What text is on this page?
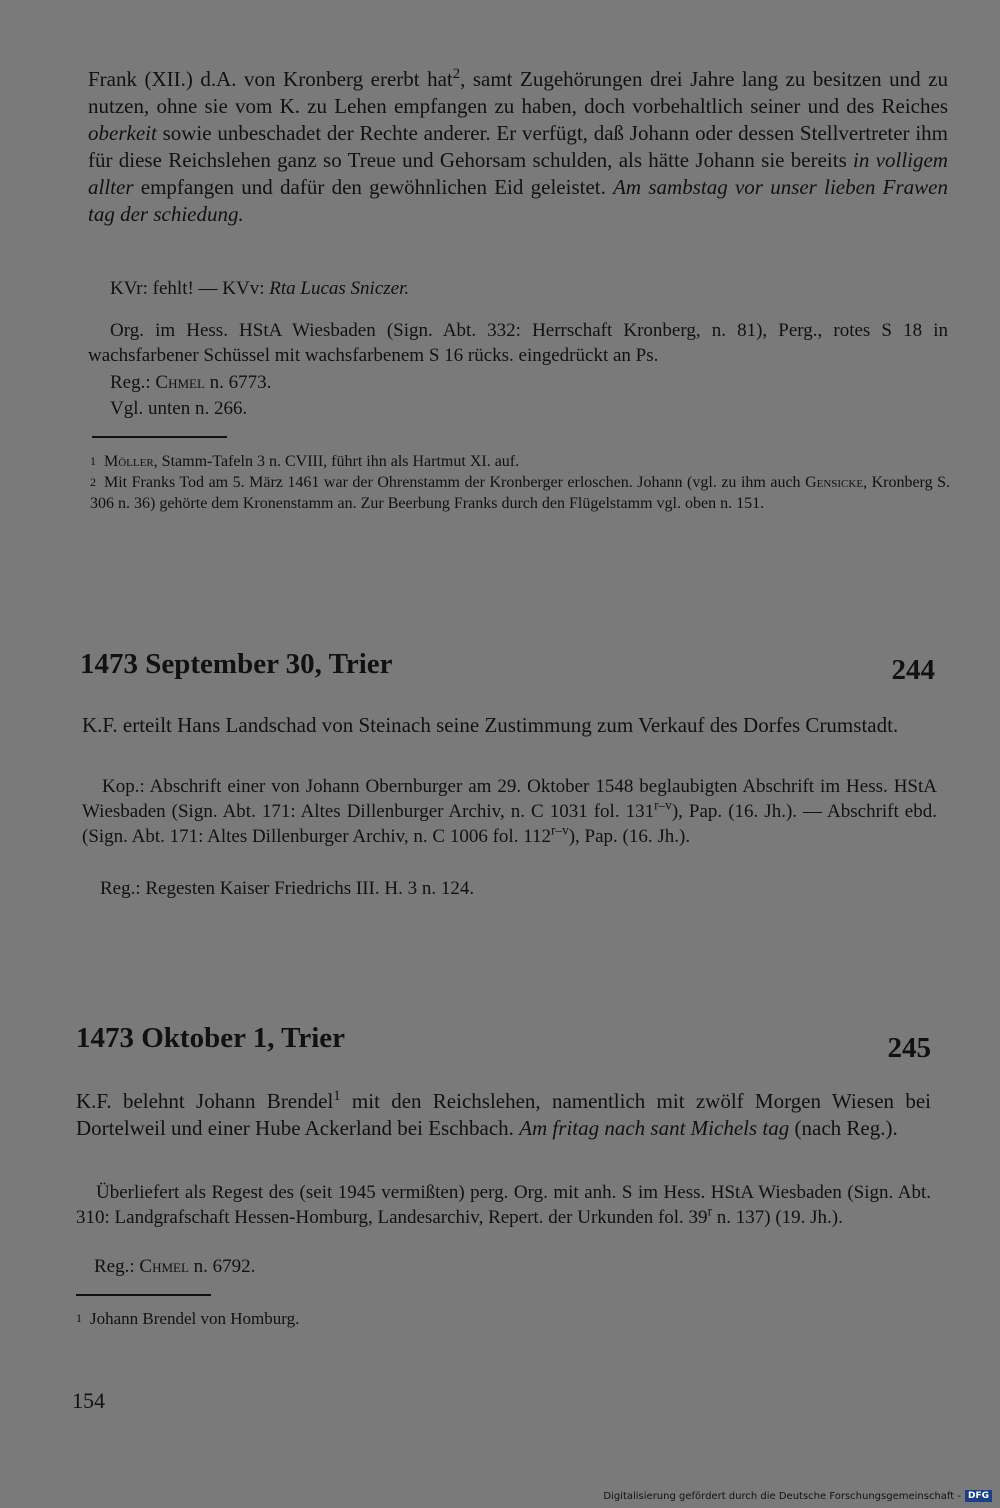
Frank (XII.) d.A. von Kronberg ererbt hat$^2$, samt Zugehörungen drei Jahre lang zu besitzen und zu nutzen, ohne sie vom K. zu Lehen empfangen zu haben, doch vorbehaltlich seiner und des Reiches oberkeit sowie unbeschadet der Rechte anderer. Er verfügt, daß Johann oder dessen Stellvertreter ihm für diese Reichslehen ganz so Treue und Gehorsam schulden, als hätte Johann sie bereits in volligem allter empfangen und dafür den gewöhnlichen Eid geleistet. Am sambstag vor unser lieben Frawen tag der schiedung.
KVr: fehlt! — KVv: Rta Lucas Sniczer.
Org. im Hess. HStA Wiesbaden (Sign. Abt. 332: Herrschaft Kronberg, n. 81), Perg., rotes S 18 in wachsfarbener Schüssel mit wachsfarbenem S 16 rücks. eingedrückt an Ps.
Reg.: Chmel n. 6773.
Vgl. unten n. 266.
1 Möller, Stamm-Tafeln 3 n. CVIII, führt ihn als Hartmut XI. auf.
2 Mit Franks Tod am 5. März 1461 war der Ohrenstamm der Kronberger erloschen. Johann (vgl. zu ihm auch Gensicke, Kronberg S. 306 n. 36) gehörte dem Kronenstamm an. Zur Beerbung Franks durch den Flügelstamm vgl. oben n. 151.
1473 September 30, Trier	244
K.F. erteilt Hans Landschad von Steinach seine Zustimmung zum Verkauf des Dorfes Crumstadt.
Kop.: Abschrift einer von Johann Obernburger am 29. Oktober 1548 beglaubigten Abschrift im Hess. HStA Wiesbaden (Sign. Abt. 171: Altes Dillenburger Archiv, n. C 1031 fol. 131$^{r-v}$), Pap. (16. Jh.). — Abschrift ebd. (Sign. Abt. 171: Altes Dillenburger Archiv, n. C 1006 fol. 112$^{r-v}$), Pap. (16. Jh.).
Reg.: Regesten Kaiser Friedrichs III. H. 3 n. 124.
1473 Oktober 1, Trier	245
K.F. belehnt Johann Brendel$^1$ mit den Reichslehen, namentlich mit zwölf Morgen Wiesen bei Dortelweil und einer Hube Ackerland bei Eschbach. Am fritag nach sant Michels tag (nach Reg.).
Überliefert als Regest des (seit 1945 vermißten) perg. Org. mit anh. S im Hess. HStA Wiesbaden (Sign. Abt. 310: Landgrafschaft Hessen-Homburg, Landesarchiv, Repert. der Urkunden fol. 39$^r$ n. 137) (19. Jh.).
Reg.: Chmel n. 6792.
1 Johann Brendel von Homburg.
154
Digitalisierung gefördert durch die Deutsche Forschungsgemeinschaft - DFG
